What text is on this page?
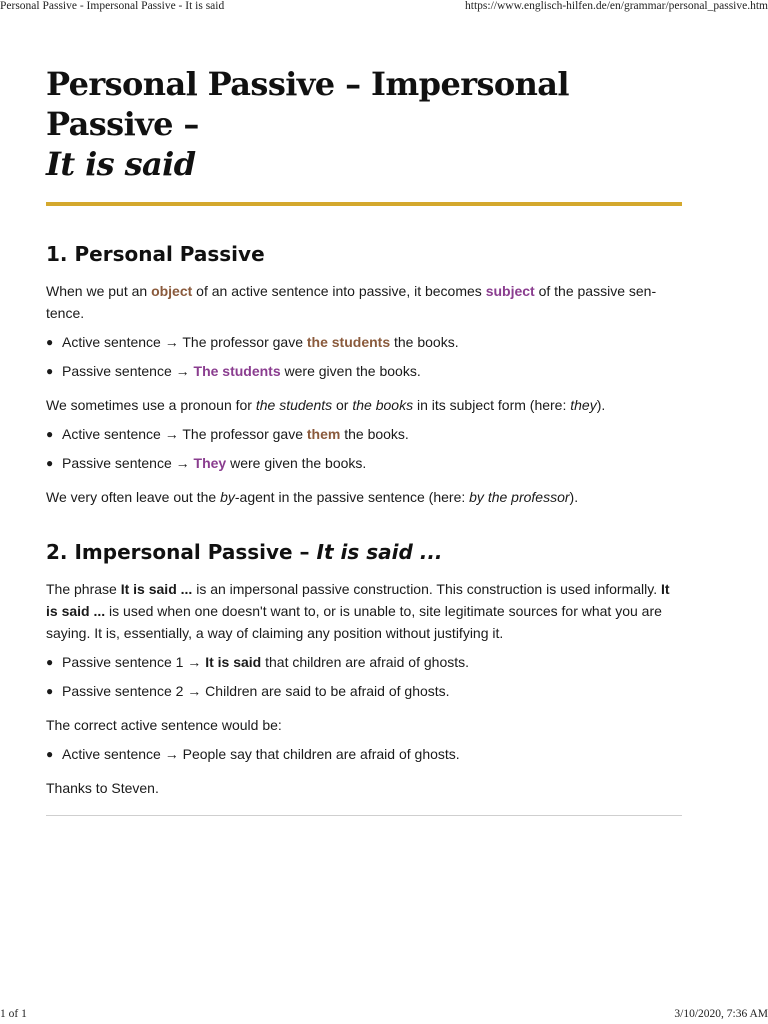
Personal Passive - Impersonal Passive - It is said	https://www.englisch-hilfen.de/en/grammar/personal_passive.htm
Personal Passive – Impersonal Passive –
It is said
1. Personal Passive

When we put an object of an active sentence into passive, it becomes subject of the passive sen-tence.

● Active sentence → The professor gave the students the books.
● Passive sentence → The students were given the books.

We sometimes use a pronoun for the students or the books in its subject form (here: they).

● Active sentence → The professor gave them the books.
● Passive sentence → They were given the books.

We very often leave out the by-agent in the passive sentence (here: by the professor).

2. Impersonal Passive – It is said ...

The phrase It is said ... is an impersonal passive construction. This construction is used informally. It is said ... is used when one doesn't want to, or is unable to, site legitimate sources for what you are saying. It is, essentially, a way of claiming any position without justifying it.

● Passive sentence 1 → It is said that children are afraid of ghosts.
● Passive sentence 2 → Children are said to be afraid of ghosts.

The correct active sentence would be:

● Active sentence → People say that children are afraid of ghosts.

Thanks to Steven.

1 of 1	3/10/2020, 7:36 AM
